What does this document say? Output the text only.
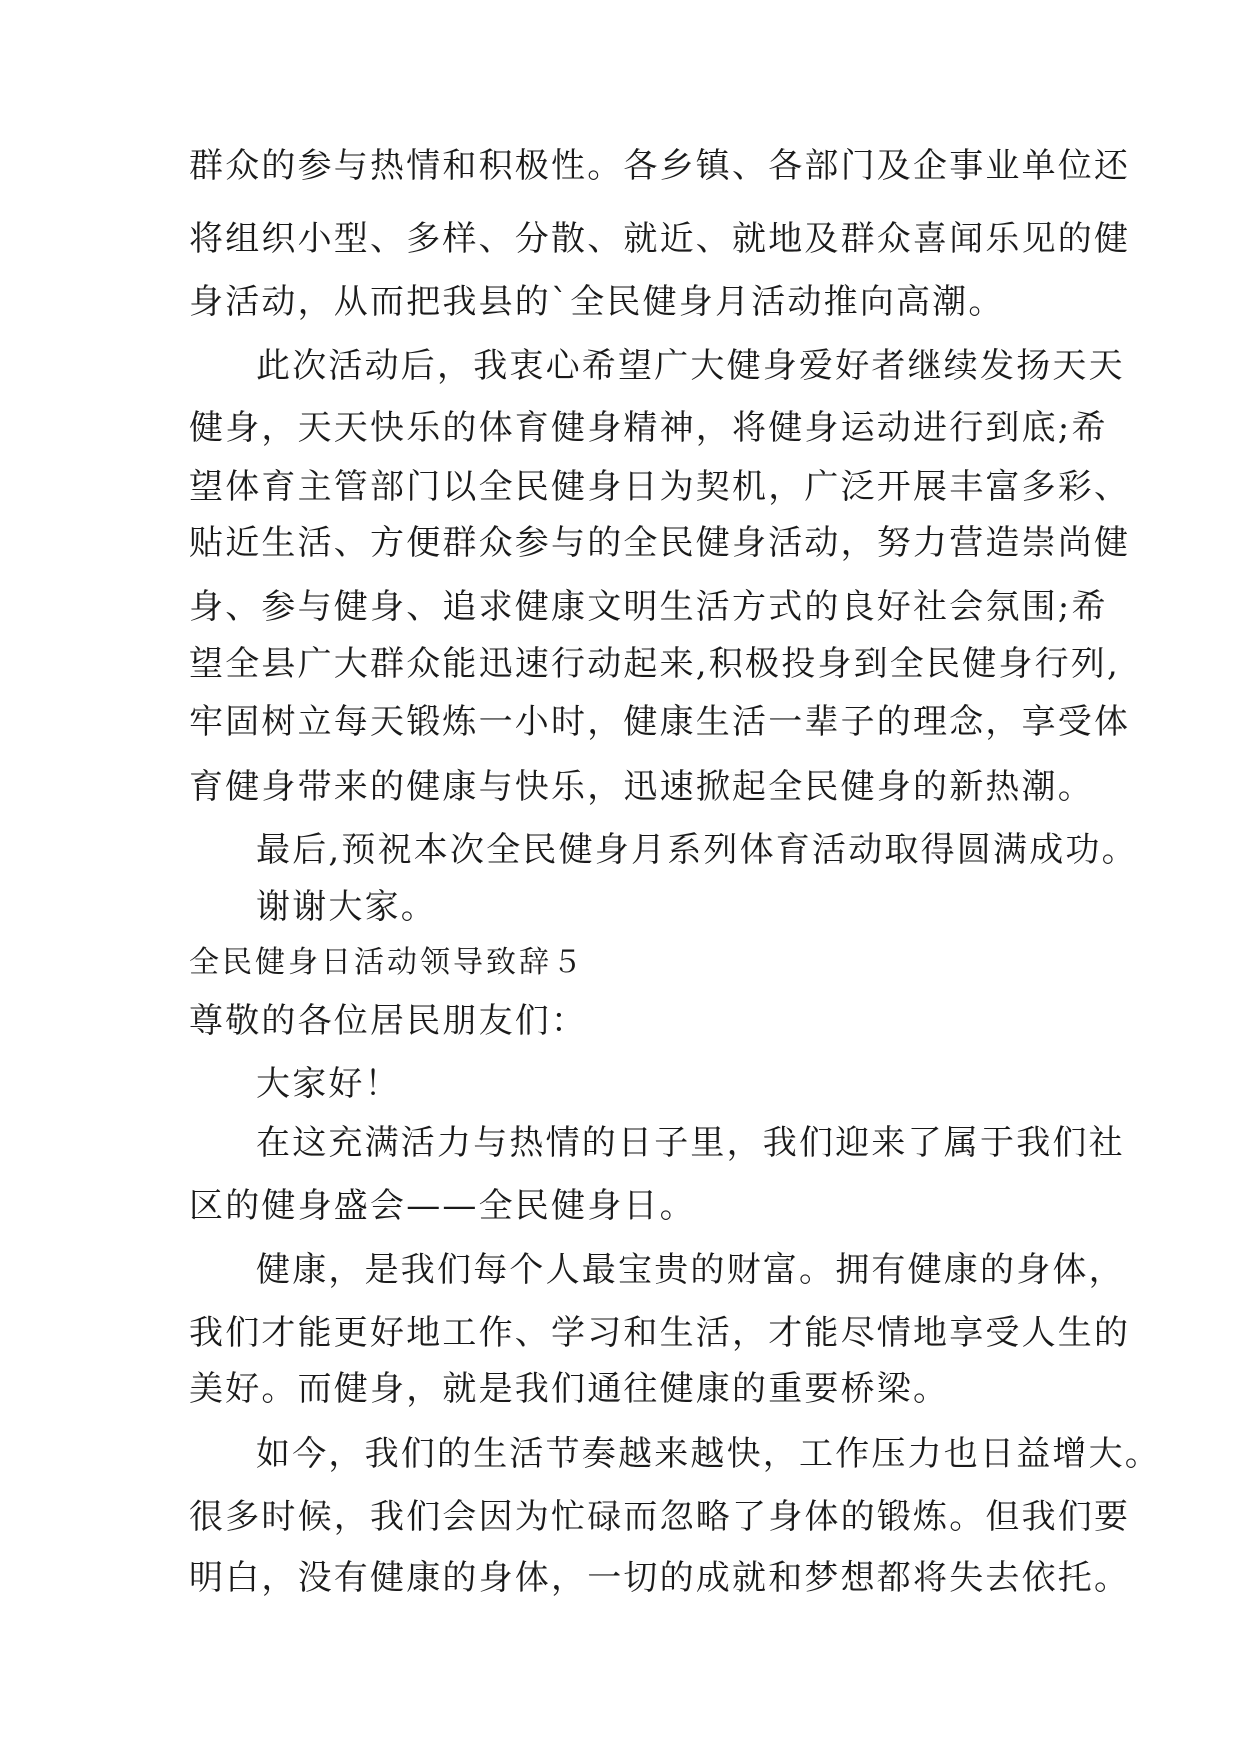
群众的参与热情和积极性。各乡镇、各部门及企事业单位还
将组织小型、多样、分散、就近、就地及群众喜闻乐见的健
身活动，从而把我县的`全民健身月活动推向高潮。
此次活动后，我衷心希望广大健身爱好者继续发扬天天
健身，天天快乐的体育健身精神，将健身运动进行到底;希
望体育主管部门以全民健身日为契机，广泛开展丰富多彩、
贴近生活、方便群众参与的全民健身活动，努力营造崇尚健
身、参与健身、追求健康文明生活方式的良好社会氛围;希
望全县广大群众能迅速行动起来,积极投身到全民健身行列,
牢固树立每天锻炼一小时，健康生活一辈子的理念，享受体
育健身带来的健康与快乐，迅速掀起全民健身的新热潮。
最后,预祝本次全民健身月系列体育活动取得圆满成功。
谢谢大家。
全民健身日活动领导致辞５
尊敬的各位居民朋友们：
大家好！
在这充满活力与热情的日子里，我们迎来了属于我们社
区的健身盛会——全民健身日。
健康，是我们每个人最宝贵的财富。拥有健康的身体，
我们才能更好地工作、学习和生活，才能尽情地享受人生的
美好。而健身，就是我们通往健康的重要桥梁。
如今，我们的生活节奏越来越快，工作压力也日益增大。
很多时候，我们会因为忙碌而忽略了身体的锻炼。但我们要
明白，没有健康的身体，一切的成就和梦想都将失去依托。
